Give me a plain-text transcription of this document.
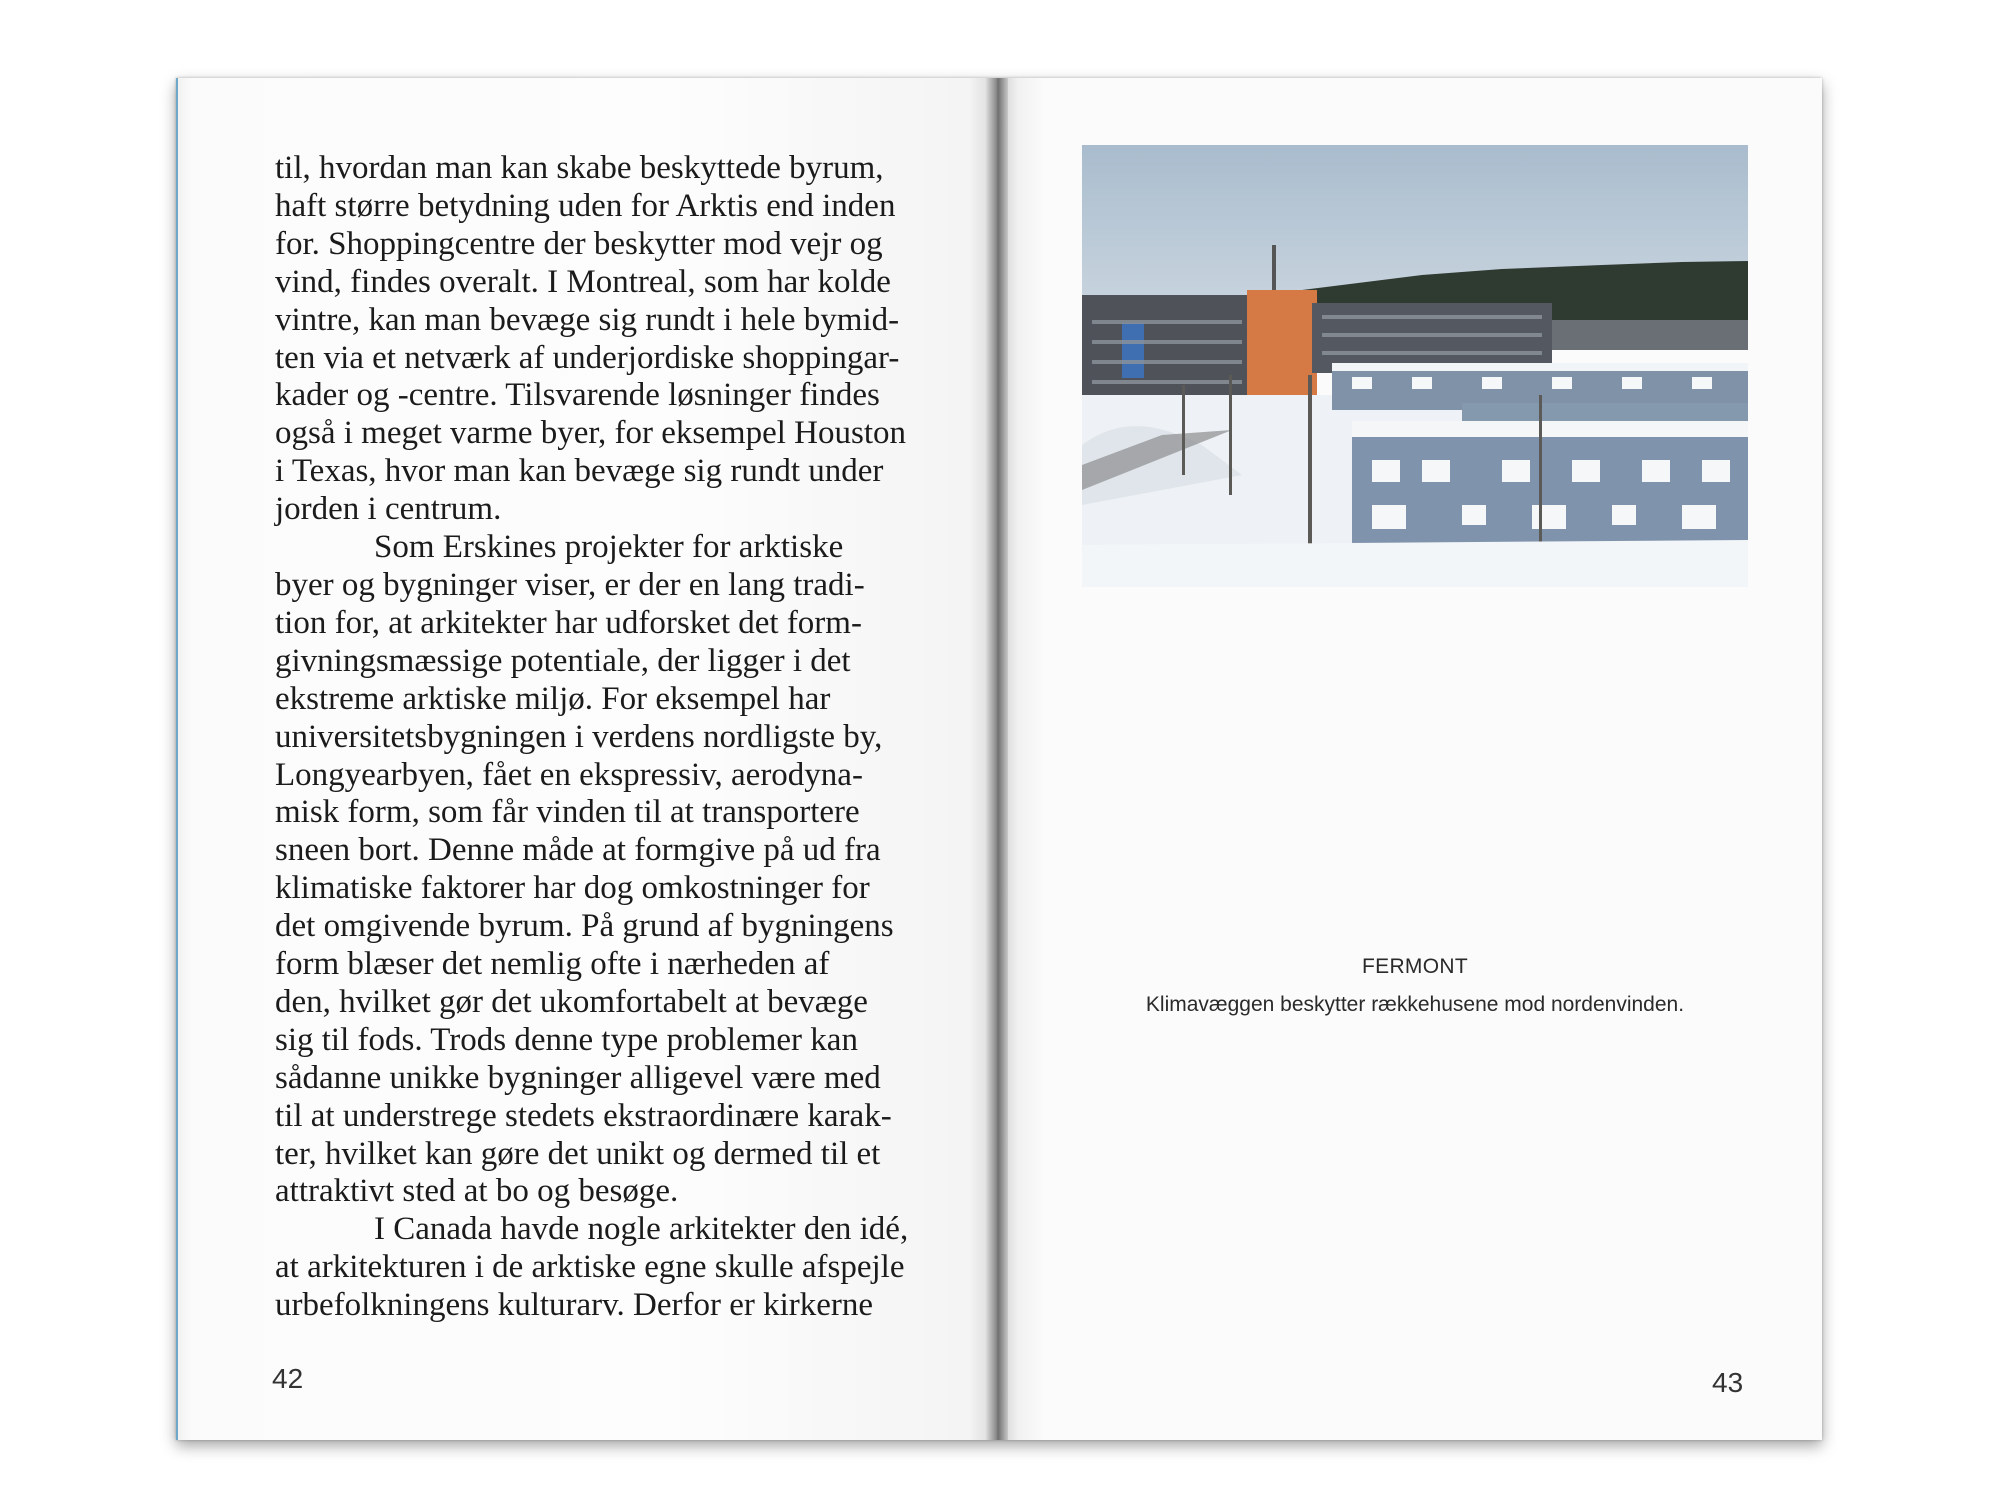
til, hvordan man kan skabe beskyttede byrum,
haft større betydning uden for Arktis end inden
for. Shoppingcentre der beskytter mod vejr og
vind, findes overalt. I Montreal, som har kolde
vintre, kan man bevæge sig rundt i hele bymid-
ten via et netværk af underjordiske shoppingar-
kader og -centre. Tilsvarende løsninger findes
også i meget varme byer, for eksempel Houston
i Texas, hvor man kan bevæge sig rundt under
jorden i centrum.
   Som Erskines projekter for arktiske
byer og bygninger viser, er der en lang tradi-
tion for, at arkitekter har udforsket det form-
givningsmæssige potentiale, der ligger i det
ekstreme arktiske miljø. For eksempel har
universitetsbygningen i verdens nordligste by,
Longyearbyen, fået en ekspressiv, aerodyna-
misk form, som får vinden til at transportere
sneen bort. Denne måde at formgive på ud fra
klimatiske faktorer har dog omkostninger for
det omgivende byrum. På grund af bygningens
form blæser det nemlig ofte i nærheden af
den, hvilket gør det ukomfortabelt at bevæge
sig til fods. Trods denne type problemer kan
sådanne unikke bygninger alligevel være med
til at understrege stedets ekstraordinære karak-
ter, hvilket kan gøre det unikt og dermed til et
attraktivt sted at bo og besøge.
   I Canada havde nogle arkitekter den idé,
at arkitekturen i de arktiske egne skulle afspejle
urbefolkningens kulturarv. Derfor er kirkerne
42
FERMONT
Klimavæggen beskytter rækkehusene mod nordenvinden.
43
